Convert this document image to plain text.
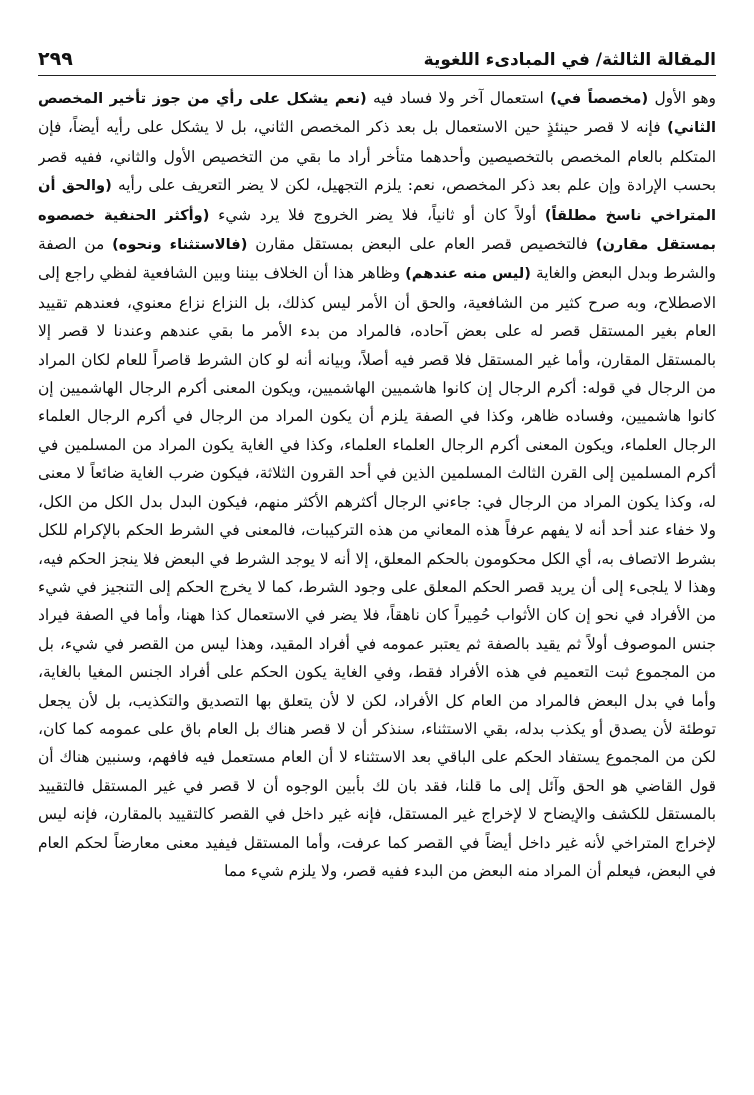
المقالة الثالثة/ في المبادىء اللغوية
٢٩٩

وهو الأول (مخصصاً في) استعمال آخر ولا فساد فيه (نعم يشكل على رأي من جوز تأخير المخصص الثاني) فإنه لا قصر حينئذٍ حين الاستعمال بل بعد ذكر المخصص الثاني، بل لا يشكل على رأيه أيضاً، فإن المتكلم بالعام المخصص بالتخصيصين وأحدهما متأخر أراد ما بقي من التخصيص الأول والثاني، ففيه قصر بحسب الإرادة وإن علم بعد ذكر المخصص، نعم: يلزم التجهيل، لكن لا يضر التعريف على رأيه (والحق أن المتراخي ناسخ مطلقاً) أولاً كان أو ثانياً، فلا يضر الخروج فلا يرد شيء (وأكثر الحنفية خصصوه بمستقل مقارن) فالتخصيص قصر العام على البعض بمستقل مقارن (فالاستثناء ونحوه) من الصفة والشرط وبدل البعض والغاية (ليس منه عندهم) وظاهر هذا أن الخلاف بيننا وبين الشافعية لفظي راجع إلى الاصطلاح، وبه صرح كثير من الشافعية، والحق أن الأمر ليس كذلك، بل النزاع نزاع معنوي، فعندهم تقييد العام بغير المستقل قصر له على بعض آحاده، فالمراد من بدء الأمر ما بقي عندهم وعندنا لا قصر إلا بالمستقل المقارن، وأما غير المستقل فلا قصر فيه أصلاً، وبيانه أنه لو كان الشرط قاصراً للعام لكان المراد من الرجال في قوله: أكرم الرجال إن كانوا هاشميين الهاشميين، ويكون المعنى أكرم الرجال الهاشميين إن كانوا هاشميين، وفساده ظاهر، وكذا في الصفة يلزم أن يكون المراد من الرجال في أكرم الرجال العلماء الرجال العلماء، ويكون المعنى أكرم الرجال العلماء العلماء، وكذا في الغاية يكون المراد من المسلمين في أكرم المسلمين إلى القرن الثالث المسلمين الذين في أحد القرون الثلاثة، فيكون ضرب الغاية ضائعاً لا معنى له، وكذا يكون المراد من الرجال في: جاءني الرجال أكثرهم الأكثر منهم، فيكون البدل بدل الكل من الكل، ولا خفاء عند أحد أنه لا يفهم عرفاً هذه المعاني من هذه التركيبات، فالمعنى في الشرط الحكم بالإكرام للكل بشرط الاتصاف به، أي الكل محكومون بالحكم المعلق، إلا أنه لا يوجد الشرط في البعض فلا ينجز الحكم فيه، وهذا لا يلجىء إلى أن يريد قصر الحكم المعلق على وجود الشرط، كما لا يخرج الحكم إلى التنجيز في شيء من الأفراد في نحو إن كان الأثواب حُمِيراً كان ناهقاً، فلا يضر في الاستعمال كذا ههنا، وأما في الصفة فيراد جنس الموصوف أولاً ثم يقيد بالصفة ثم يعتبر عمومه في أفراد المقيد، وهذا ليس من القصر في شيء، بل من المجموع ثبت التعميم في هذه الأفراد فقط، وفي الغاية يكون الحكم على أفراد الجنس المغيا بالغاية، وأما في بدل البعض فالمراد من العام كل الأفراد، لكن لا لأن يتعلق بها التصديق والتكذيب، بل لأن يجعل توطئة لأن يصدق أو يكذب بدله، بقي الاستثناء، سنذكر أن لا قصر هناك بل العام باق على عمومه كما كان، لكن من المجموع يستفاد الحكم على الباقي بعد الاستثناء لا أن العام مستعمل فيه فافهم، وسنبين هناك أن قول القاضي هو الحق وآئل إلى ما قلنا، فقد بان لك بأبين الوجوه أن لا قصر في غير المستقل فالتقييد بالمستقل للكشف والإيضاح لا لإخراج غير المستقل، فإنه غير داخل في القصر كالتقييد بالمقارن، فإنه ليس لإخراج المتراخي لأنه غير داخل أيضاً في القصر كما عرفت، وأما المستقل فيفيد معنى معارضاً لحكم العام في البعض، فيعلم أن المراد منه البعض من البدء ففيه قصر، ولا يلزم شيء مما
